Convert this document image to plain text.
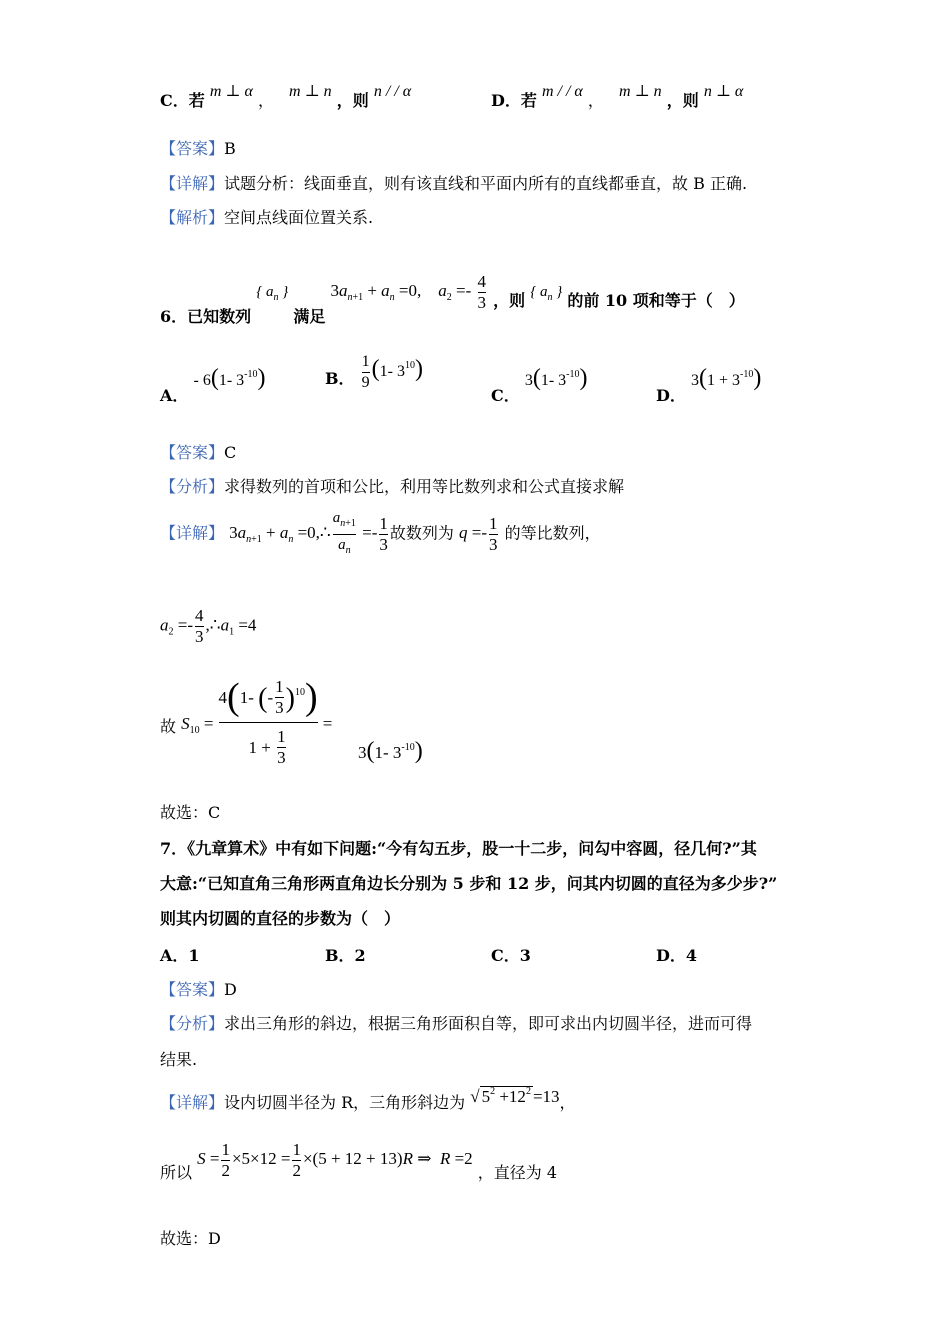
C．若 m ⊥ α ， m ⊥ n ，则 n / / α	D．若 m / / α ， m ⊥ n ，则 n ⊥ α
【答案】B
【详解】试题分析：线面垂直，则有该直线和平面内所有的直线都垂直，故 B 正确.
【解析】空间点线面位置关系.
6．已知数列 { $a_n$ } 满足 $3a_{n+1} + a_n =0$,    $a_2 =- \frac{4}{3}$ ，则 { $a_n$ } 的前 10 项和等于（　）
A． - 6(1- $3^{-10}$)	B． $\frac{1}{9} (1-$ $3^{10}$)
C． 3(1- $3^{-10}$)
D． $3(1 + 3^{-10})$
【答案】C
【分析】求得数列的首项和公比，利用等比数列求和公式直接求解
【详解】 $3a_{n+1} + a_n$ =0,∴ $\frac{a_{n+1}}{a_n} =- \frac{1}{3}$ 故数列为 $q =- \frac{1}{3}$ 的等比数列，
$a_2 =- \frac{4}{3}$ $,\therefore a_1 =4$
故 $S_{10} = \frac{4(1- (- \frac{1}{3} )^{10})}{1 + \frac{1}{3}}$ =
3(1- $3^{-10}$)
故选：C
7．《九章算术》中有如下问题:“今有勾五步，股一十二步，问勾中容圆，径几何?”其
大意:“已知直角三角形两直角边长分别为 5 步和 12 步，问其内切圆的直径为多少步?”
则其内切圆的直径的步数为（　）
A．1	B．2	C．3	D．4
【答案】D
【分析】求出三角形的斜边，根据三角形面积自等，即可求出内切圆半径，进而可得
结果.
【详解】设内切圆半径为 R，三角形斜边为 √ $5^2 +12^2 =13$，
所以 $S = \frac{1}{2} \times 5\times 12 = \frac{1}{2} \times(5 + 12 + 13)R$ ⇒  R =2 ，直径为 4
故选：D
